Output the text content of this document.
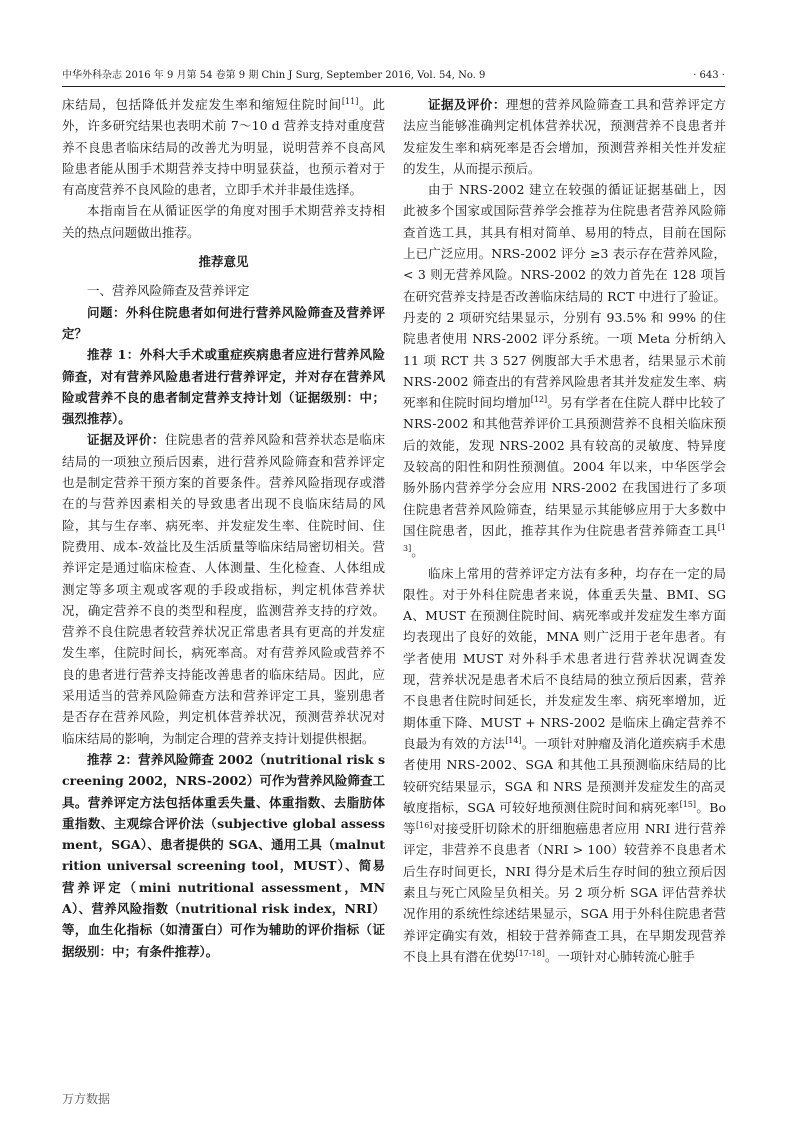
中华外科杂志 2016 年 9 月第 54 卷第 9 期 Chin J Surg, September 2016, Vol. 54, No. 9	· 643 ·

床结局，包括降低并发症发生率和缩短住院时间[11]。此外，许多研究结果也表明术前 7～10 d 营养支持对重度营养不良患者临床结局的改善尤为明显，说明营养不良高风险患者能从围手术期营养支持中明显获益，也预示着对于有高度营养不良风险的患者，立即手术并非最佳选择。

本指南旨在从循证医学的角度对围手术期营养支持相关的热点问题做出推荐。

推荐意见

一、营养风险筛查及营养评定

问题：外科住院患者如何进行营养风险筛查及营养评定？

推荐 1：外科大手术或重症疾病患者应进行营养风险筛查，对有营养风险患者进行营养评定，并对存在营养风险或营养不良的患者制定营养支持计划（证据级别：中；强烈推荐）。

证据及评价：住院患者的营养风险和营养状态是临床结局的一项独立预后因素，进行营养风险筛查和营养评定也是制定营养干预方案的首要条件。营养风险指现存或潜在的与营养因素相关的导致患者出现不良临床结局的风险，其与生存率、病死率、并发症发生率、住院时间、住院费用、成本-效益比及生活质量等临床结局密切相关。营养评定是通过临床检查、人体测量、生化检查、人体组成测定等多项主观或客观的手段或指标，判定机体营养状况，确定营养不良的类型和程度，监测营养支持的疗效。营养不良住院患者较营养状况正常患者具有更高的并发症发生率，住院时间长，病死率高。对有营养风险或营养不良的患者进行营养支持能改善患者的临床结局。因此，应采用适当的营养风险筛查方法和营养评定工具，鉴别患者是否存在营养风险，判定机体营养状况，预测营养状况对临床结局的影响，为制定合理的营养支持计划提供根据。

推荐 2：营养风险筛查 2002（nutritional risk screening 2002，NRS-2002）可作为营养风险筛查工具。营养评定方法包括体重丢失量、体重指数、去脂肪体重指数、主观综合评价法（subjective global assessment，SGA）、患者提供的 SGA、通用工具（malnutrition universal screening tool，MUST）、简易营养评定（mini nutritional assessment，MNA）、营养风险指数（nutritional risk index，NRI）等，血生化指标（如清蛋白）可作为辅助的评价指标（证据级别：中；有条件推荐）。

证据及评价：理想的营养风险筛查工具和营养评定方法应当能够准确判定机体营养状况，预测营养不良患者并发症发生率和病死率是否会增加，预测营养相关性并发症的发生，从而提示预后。

由于 NRS-2002 建立在较强的循证证据基础上，因此被多个国家或国际营养学会推荐为住院患者营养风险筛查首选工具，其具有相对简单、易用的特点，目前在国际上已广泛应用。NRS-2002 评分 ≥3 表示存在营养风险，< 3 则无营养风险。NRS-2002 的效力首先在 128 项旨在研究营养支持是否改善临床结局的 RCT 中进行了验证。丹麦的 2 项研究结果显示，分别有 93.5% 和 99% 的住院患者使用 NRS-2002 评分系统。一项 Meta 分析纳入 11 项 RCT 共 3 527 例腹部大手术患者，结果显示术前 NRS-2002 筛查出的有营养风险患者其并发症发生率、病死率和住院时间均增加[12]。另有学者在住院人群中比较了 NRS-2002 和其他营养评价工具预测营养不良相关临床预后的效能，发现 NRS-2002 具有较高的灵敏度、特异度及较高的阳性和阴性预测值。2004 年以来，中华医学会肠外肠内营养学分会应用 NRS-2002 在我国进行了多项住院患者营养风险筛查，结果显示其能够应用于大多数中国住院患者，因此，推荐其作为住院患者营养筛查工具[13]。

临床上常用的营养评定方法有多种，均存在一定的局限性。对于外科住院患者来说，体重丢失量、BMI、SGA、MUST 在预测住院时间、病死率或并发症发生率方面均表现出了良好的效能，MNA 则广泛用于老年患者。有学者使用 MUST 对外科手术患者进行营养状况调查发现，营养状况是患者术后不良结局的独立预后因素，营养不良患者住院时间延长，并发症发生率、病死率增加，近期体重下降、MUST + NRS-2002 是临床上确定营养不良最为有效的方法[14]。一项针对肿瘤及消化道疾病手术患者使用 NRS-2002、SGA 和其他工具预测临床结局的比较研究结果显示，SGA 和 NRS 是预测并发症发生的高灵敏度指标，SGA 可较好地预测住院时间和病死率[15]。Bo 等[16]对接受肝切除术的肝细胞癌患者应用 NRI 进行营养评定，非营养不良患者（NRI > 100）较营养不良患者术后生存时间更长，NRI 得分是术后生存时间的独立预后因素且与死亡风险呈负相关。另 2 项分析 SGA 评估营养状况作用的系统性综述结果显示，SGA 用于外科住院患者营养评定确实有效，相较于营养筛查工具，在早期发现营养不良上具有潜在优势[17-18]。一项针对心肺转流心脏手

万方数据
